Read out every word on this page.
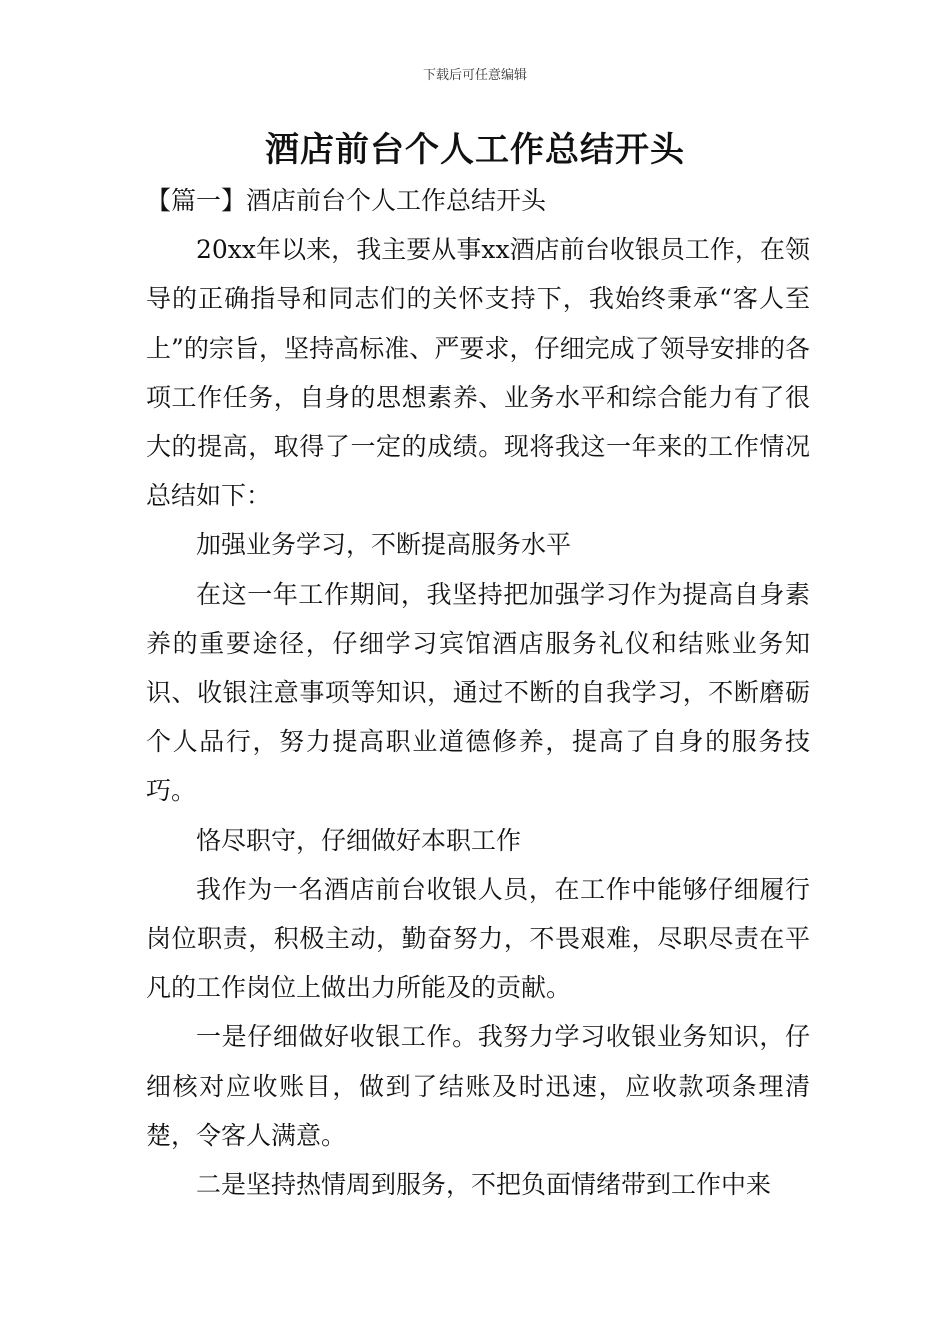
下载后可任意编辑
酒店前台个人工作总结开头

【篇一】酒店前台个人工作总结开头

20xx年以来，我主要从事xx酒店前台收银员工作，在领导的正确指导和同志们的关怀支持下，我始终秉承“客人至上”的宗旨，坚持高标准、严要求，仔细完成了领导安排的各项工作任务，自身的思想素养、业务水平和综合能力有了很大的提高，取得了一定的成绩。现将我这一年来的工作情况总结如下：

加强业务学习，不断提高服务水平

在这一年工作期间，我坚持把加强学习作为提高自身素养的重要途径，仔细学习宾馆酒店服务礼仪和结账业务知识、收银注意事项等知识，通过不断的自我学习，不断磨砺个人品行，努力提高职业道德修养，提高了自身的服务技巧。

恪尽职守，仔细做好本职工作

我作为一名酒店前台收银人员，在工作中能够仔细履行岗位职责，积极主动，勤奋努力，不畏艰难，尽职尽责在平凡的工作岗位上做出力所能及的贡献。

一是仔细做好收银工作。我努力学习收银业务知识，仔细核对应收账目，做到了结账及时迅速，应收款项条理清楚，令客人满意。

二是坚持热情周到服务，不把负面情绪带到工作中来
